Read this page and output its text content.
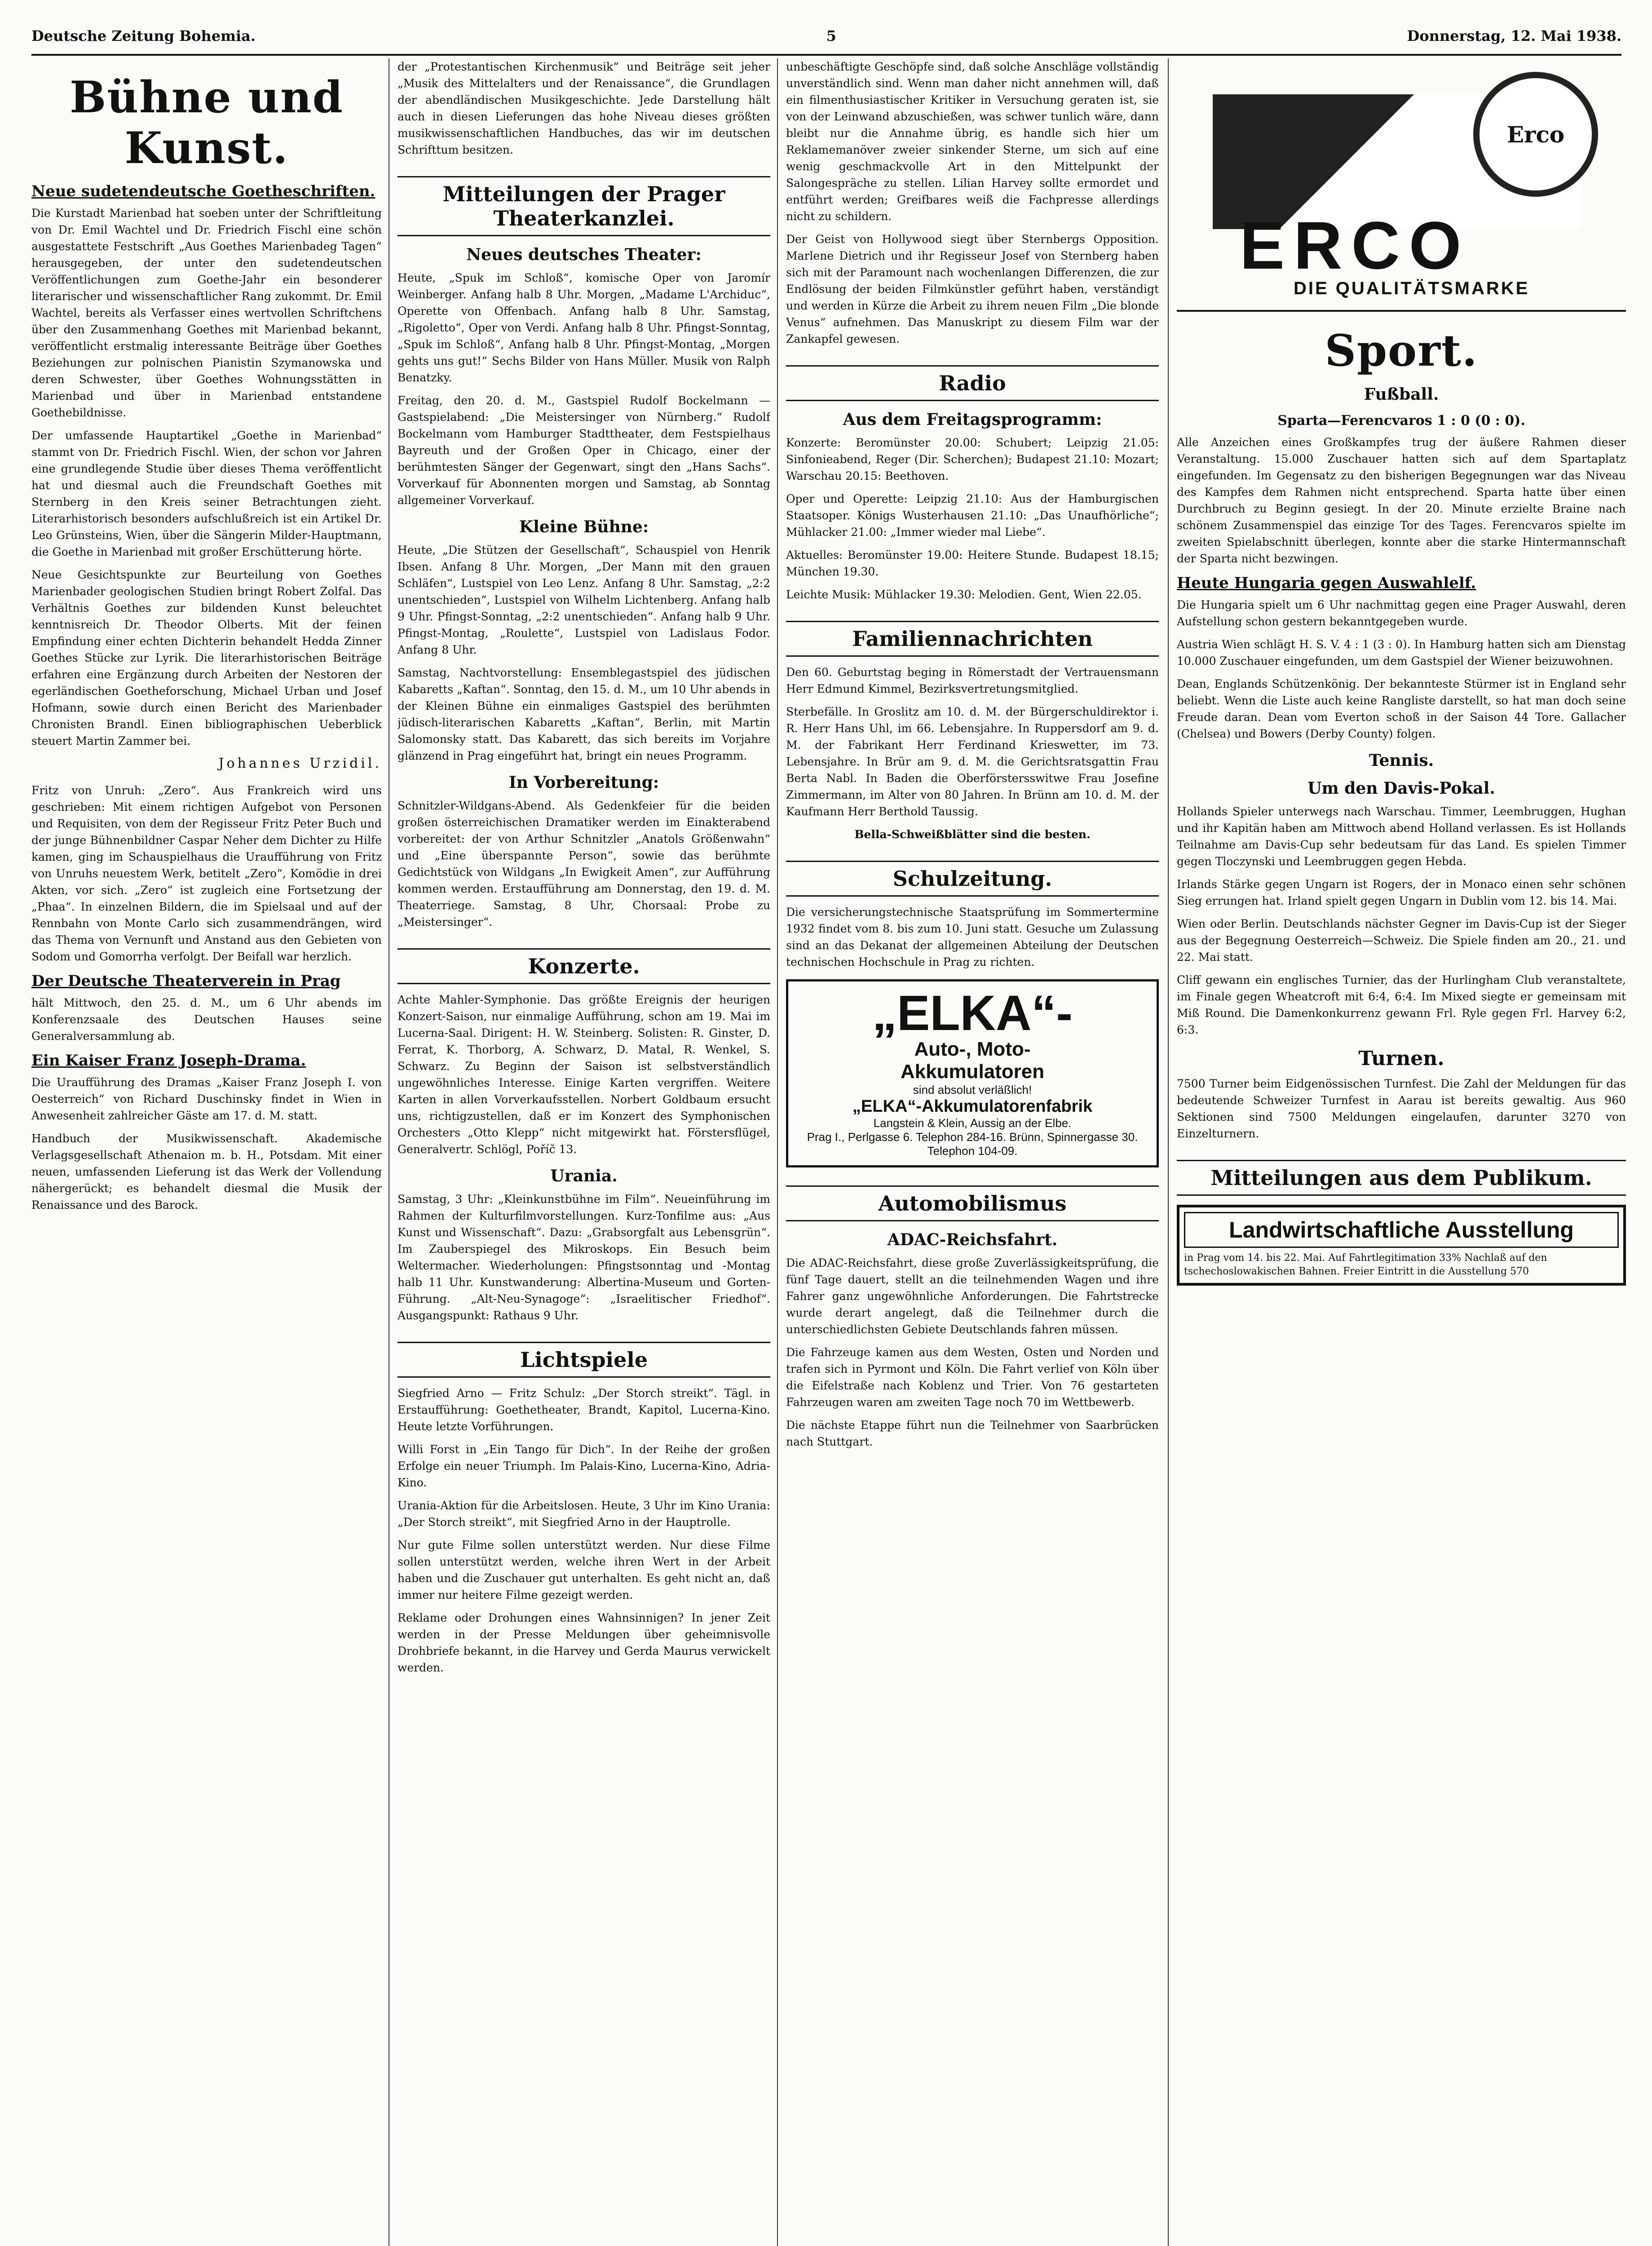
Deutsche Zeitung Bohemia.	5	Donnerstag, 12. Mai 1938.
Bühne und Kunst.
Neue sudetendeutsche Goetheschriften.

Die Kurstadt Marienbad hat soeben unter der Schriftleitung von Dr. Emil Wachtel und Dr. Friedrich Fischl eine schön ausgestattete Festschrift „Aus Goethes Marienbadeg Tagen“ herausgegeben, der unter den sudetendeutschen Veröffentlichungen zum Goethe-Jahr ein besonderer literarischer und wissenschaftlicher Rang zukommt. Dr. Emil Wachtel, bereits als Verfasser eines wertvollen Schriftchens über den Zusammenhang Goethes mit Marienbad bekannt, veröffentlicht erstmalig interessante Beiträge über Goethes Beziehungen zur polnischen Pianistin Szymanowska und deren Schwester, über Goethes Wohnungsstätten in Marienbad und über in Marienbad entstandene Goethebildnisse.

Der umfassende Hauptartikel „Goethe in Marienbad“ stammt von Dr. Friedrich Fischl. Wien, der schon vor Jahren eine grundlegende Studie über dieses Thema veröffentlicht hat und diesmal auch die Freundschaft Goethes mit Sternberg in den Kreis seiner Betrachtungen zieht. Literarhistorisch besonders aufschlußreich ist ein Artikel Dr. Leo Grünsteins, Wien, über die Sängerin Milder-Hauptmann, die Goethe in Marienbad mit großer Erschütterung hörte.

Neue Gesichtspunkte zur Beurteilung von Goethes Marienbader geologischen Studien bringt Robert Zolfal. Das Verhältnis Goethes zur bildenden Kunst beleuchtet kenntnisreich Dr. Theodor Olberts. Mit der feinen Empfindung einer echten Dichterin behandelt Hedda Zinner Goethes Stücke zur Lyrik. Die literarhistorischen Beiträge erfahren eine Ergänzung durch Arbeiten der Nestoren der egerländischen Goetheforschung, Michael Urban und Josef Hofmann, sowie durch einen Bericht des Marienbader Chronisten Brandl. Einen bibliographischen Ueberblick steuert Martin Zammer bei.

Johannes Urzidil.

Fritz von Unruh: „Zero“. Aus Frankreich wird uns geschrieben: Mit einem richtigen Aufgebot von Personen und Requisiten, von dem der Regisseur Fritz Peter Buch und der junge Bühnenbildner Caspar Neher dem Dichter zu Hilfe kamen, ging im Schauspielhaus die Uraufführung von Fritz von Unruhs neuestem Werk, betitelt „Zero“, Komödie in drei Akten, vor sich. „Zero“ ist zugleich eine Fortsetzung der „Phaa“. In einzelnen Bildern, die im Spielsaal und auf der Rennbahn von Monte Carlo sich zusammendrängen, wird das Thema von Vernunft und Anstand aus den Gebieten von Sodom und Gomorrha verfolgt. Der Beifall war herzlich.

Der Deutsche Theaterverein in Prag

hält Mittwoch, den 25. d. M., um 6 Uhr abends im Konferenzsaale des Deutschen Hauses seine Generalversammlung ab.

Ein Kaiser Franz Joseph-Drama.

Die Uraufführung des Dramas „Kaiser Franz Joseph I. von Oesterreich“ von Richard Duschinsky findet in Wien in Anwesenheit zahlreicher Gäste am 17. d. M. statt.

Handbuch der Musikwissenschaft. Akademische Verlagsgesellschaft Athenaion m. b. H., Potsdam. Mit einer neuen, umfassenden Lieferung ist das Werk der Vollendung nähergerückt; es behandelt diesmal die Musik der Renaissance und des Barock.

der „Protestantischen Kirchenmusik“ und Beiträge seit jeher „Musik des Mittelalters und der Renaissance“, die Grundlagen der abendländischen Musikgeschichte. Jede Darstellung hält auch in diesen Lieferungen das hohe Niveau dieses größten musikwissenschaftlichen Handbuches, das wir im deutschen Schrifttum besitzen.

Mitteilungen der Prager Theaterkanzlei.
Neues deutsches Theater:

Heute, „Spuk im Schloß“, komische Oper von Jaromír Weinberger. Anfang halb 8 Uhr. Morgen, „Madame L'Archiduc“, Operette von Offenbach. Anfang halb 8 Uhr. Samstag, „Rigoletto“, Oper von Verdi. Anfang halb 8 Uhr. Pfingst-Sonntag, „Spuk im Schloß“, Anfang halb 8 Uhr. Pfingst-Montag, „Morgen gehts uns gut!“ Sechs Bilder von Hans Müller. Musik von Ralph Benatzky.

Freitag, den 20. d. M., Gastspiel Rudolf Bockelmann — Gastspielabend: „Die Meistersinger von Nürnberg.“ Rudolf Bockelmann vom Hamburger Stadttheater, dem Festspielhaus Bayreuth und der Großen Oper in Chicago, einer der berühmtesten Sänger der Gegenwart, singt den „Hans Sachs“. Vorverkauf für Abonnenten morgen und Samstag, ab Sonntag allgemeiner Vorverkauf.

Kleine Bühne:

Heute, „Die Stützen der Gesellschaft“, Schauspiel von Henrik Ibsen. Anfang 8 Uhr. Morgen, „Der Mann mit den grauen Schläfen“, Lustspiel von Leo Lenz. Anfang 8 Uhr. Samstag, „2:2 unentschieden“, Lustspiel von Wilhelm Lichtenberg. Anfang halb 9 Uhr. Pfingst-Sonntag, „2:2 unentschieden“. Anfang halb 9 Uhr. Pfingst-Montag, „Roulette“, Lustspiel von Ladislaus Fodor. Anfang 8 Uhr.

Samstag, Nachtvorstellung: Ensemblegastspiel des jüdischen Kabaretts „Kaftan“. Sonntag, den 15. d. M., um 10 Uhr abends in der Kleinen Bühne ein einmaliges Gastspiel des berühmten jüdisch-literarischen Kabaretts „Kaftan“, Berlin, mit Martin Salomonsky statt. Das Kabarett, das sich bereits im Vorjahre glänzend in Prag eingeführt hat, bringt ein neues Programm.

In Vorbereitung:

Schnitzler-Wildgans-Abend. Als Gedenkfeier für die beiden großen österreichischen Dramatiker werden im Einakterabend vorbereitet: der von Arthur Schnitzler „Anatols Größenwahn“ und „Eine überspannte Person“, sowie das berühmte Gedichtstück von Wildgans „In Ewigkeit Amen“, zur Aufführung kommen werden. Erstaufführung am Donnerstag, den 19. d. M. Theaterriege. Samstag, 8 Uhr, Chorsaal: Probe zu „Meistersinger“.

Konzerte.

Achte Mahler-Symphonie. Das größte Ereignis der heurigen Konzert-Saison, nur einmalige Aufführung, schon am 19. Mai im Lucerna-Saal. Dirigent: H. W. Steinberg. Solisten: R. Ginster, D. Ferrat, K. Thorborg, A. Schwarz, D. Matal, R. Wenkel, S. Schwarz. Zu Beginn der Saison ist selbstverständlich ungewöhnliches Interesse. Einige Karten vergriffen. Weitere Karten in allen Vorverkaufsstellen. Norbert Goldbaum ersucht uns, richtigzustellen, daß er im Konzert des Symphonischen Orchesters „Otto Klepp“ nicht mitgewirkt hat. Förstersflügel, Generalvertr. Schlögl, Poříč 13.

Urania.

Samstag, 3 Uhr: „Kleinkunstbühne im Film“. Neueinführung im Rahmen der Kulturfilmvorstellungen. Kurz-Tonfilme aus: „Aus Kunst und Wissenschaft“. Dazu: „Grabsorgfalt aus Lebensgrün“. Im Zauberspiegel des Mikroskops. Ein Besuch beim Weltermacher. Wiederholungen: Pfingstsonntag und -Montag halb 11 Uhr. Kunstwanderung: Albertina-Museum und Gorten-Führung. „Alt-Neu-Synagoge“: „Israelitischer Friedhof“. Ausgangspunkt: Rathaus 9 Uhr.

Lichtspiele

Siegfried Arno — Fritz Schulz: „Der Storch streikt“. Tägl. in Erstaufführung: Goethetheater, Brandt, Kapitol, Lucerna-Kino. Heute letzte Vorführungen.

Willi Forst in „Ein Tango für Dich“. In der Reihe der großen Erfolge ein neuer Triumph. Im Palais-Kino, Lucerna-Kino, Adria-Kino.

Urania-Aktion für die Arbeitslosen. Heute, 3 Uhr im Kino Urania: „Der Storch streikt“, mit Siegfried Arno in der Hauptrolle.

Nur gute Filme sollen unterstützt werden. Nur diese Filme sollen unterstützt werden, welche ihren Wert in der Arbeit haben und die Zuschauer gut unterhalten. Es geht nicht an, daß immer nur heitere Filme gezeigt werden.

Reklame oder Drohungen eines Wahnsinnigen? In jener Zeit werden in der Presse Meldungen über geheimnisvolle Drohbriefe bekannt, in die Harvey und Gerda Maurus verwickelt werden.

unbeschäftigte Geschöpfe sind, daß solche Anschläge vollständig unverständlich sind. Wenn man daher nicht annehmen will, daß ein filmenthusiastischer Kritiker in Versuchung geraten ist, sie von der Leinwand abzuschießen, was schwer tunlich wäre, dann bleibt nur die Annahme übrig, es handle sich hier um Reklamemanöver zweier sinkender Sterne, um sich auf eine wenig geschmackvolle Art in den Mittelpunkt der Salongespräche zu stellen. Lilian Harvey sollte ermordet und entführt werden; Greifbares weiß die Fachpresse allerdings nicht zu schildern.

Der Geist von Hollywood siegt über Sternbergs Opposition. Marlene Dietrich und ihr Regisseur Josef von Sternberg haben sich mit der Paramount nach wochenlangen Differenzen, die zur Endlösung der beiden Filmkünstler geführt haben, verständigt und werden in Kürze die Arbeit zu ihrem neuen Film „Die blonde Venus“ aufnehmen. Das Manuskript zu diesem Film war der Zankapfel gewesen.

Radio
Aus dem Freitagsprogramm:

Konzerte: Beromünster 20.00: Schubert; Leipzig 21.05: Sinfonieabend, Reger (Dir. Scherchen); Budapest 21.10: Mozart; Warschau 20.15: Beethoven.

Oper und Operette: Leipzig 21.10: Aus der Hamburgischen Staatsoper. Königs Wusterhausen 21.10: „Das Unaufhörliche“; Mühlacker 21.00: „Immer wieder mal Liebe“.

Aktuelles: Beromünster 19.00: Heitere Stunde. Budapest 18.15; München 19.30.

Leichte Musik: Mühlacker 19.30: Melodien. Gent, Wien 22.05.

Familiennachrichten

Den 60. Geburtstag beging in Römerstadt der Vertrauensmann Herr Edmund Kimmel, Bezirksvertretungsmitglied.

Sterbefälle. In Groslitz am 10. d. M. der Bürgerschuldirektor i. R. Herr Hans Uhl, im 66. Lebensjahre. In Ruppersdorf am 9. d. M. der Fabrikant Herr Ferdinand Krieswetter, im 73. Lebensjahre. In Brür am 9. d. M. die Gerichtsratsgattin Frau Berta Nabl. In Baden die Oberförstersswitwe Frau Josefine Zimmermann, im Alter von 80 Jahren. In Brünn am 10. d. M. der Kaufmann Herr Berthold Taussig.

Bella-Schweißblätter sind die besten.

Schulzeitung.

Die versicherungstechnische Staatsprüfung im Sommertermine 1932 findet vom 8. bis zum 10. Juni statt. Gesuche um Zulassung sind an das Dekanat der allgemeinen Abteilung der Deutschen technischen Hochschule in Prag zu richten.

„ELKA“-
Auto-, Moto-
Akkumulatoren
sind absolut verläßlich!
„ELKA“-Akkumulatorenfabrik
Langstein & Klein, Aussig an der Elbe.
Prag I., Perlgasse 6. Telephon 284-16. Brünn, Spinnergasse 30. Telephon 104-09.
Automobilismus
ADAC-Reichsfahrt.

Die ADAC-Reichsfahrt, diese große Zuverlässigkeitsprüfung, die fünf Tage dauert, stellt an die teilnehmenden Wagen und ihre Fahrer ganz ungewöhnliche Anforderungen. Die Fahrtstrecke wurde derart angelegt, daß die Teilnehmer durch die unterschiedlichsten Gebiete Deutschlands fahren müssen.

Die Fahrzeuge kamen aus dem Westen, Osten und Norden und trafen sich in Pyrmont und Köln. Die Fahrt verlief von Köln über die Eifelstraße nach Koblenz und Trier. Von 76 gestarteten Fahrzeugen waren am zweiten Tage noch 70 im Wettbewerb.

Die nächste Etappe führt nun die Teilnehmer von Saarbrücken nach Stuttgart.

Erco
ERCO
DIE QUALITÄTSMARKE
Sport.
Fußball.
Sparta—Ferencvaros 1 : 0 (0 : 0).

Alle Anzeichen eines Großkampfes trug der äußere Rahmen dieser Veranstaltung. 15.000 Zuschauer hatten sich auf dem Spartaplatz eingefunden. Im Gegensatz zu den bisherigen Begegnungen war das Niveau des Kampfes dem Rahmen nicht entsprechend. Sparta hatte über einen Durchbruch zu Beginn gesiegt. In der 20. Minute erzielte Braine nach schönem Zusammenspiel das einzige Tor des Tages. Ferencvaros spielte im zweiten Spielabschnitt überlegen, konnte aber die starke Hintermannschaft der Sparta nicht bezwingen.

Heute Hungaria gegen Auswahlelf.

Die Hungaria spielt um 6 Uhr nachmittag gegen eine Prager Auswahl, deren Aufstellung schon gestern bekanntgegeben wurde.

Austria Wien schlägt H. S. V. 4 : 1 (3 : 0). In Hamburg hatten sich am Dienstag 10.000 Zuschauer eingefunden, um dem Gastspiel der Wiener beizuwohnen.

Dean, Englands Schützenkönig. Der bekannteste Stürmer ist in England sehr beliebt. Wenn die Liste auch keine Rangliste darstellt, so hat man doch seine Freude daran. Dean vom Everton schoß in der Saison 44 Tore. Gallacher (Chelsea) und Bowers (Derby County) folgen.

Tennis.
Um den Davis-Pokal.

Hollands Spieler unterwegs nach Warschau. Timmer, Leembruggen, Hughan und ihr Kapitän haben am Mittwoch abend Holland verlassen. Es ist Hollands Teilnahme am Davis-Cup sehr bedeutsam für das Land. Es spielen Timmer gegen Tloczynski und Leembruggen gegen Hebda.

Irlands Stärke gegen Ungarn ist Rogers, der in Monaco einen sehr schönen Sieg errungen hat. Irland spielt gegen Ungarn in Dublin vom 12. bis 14. Mai.

Wien oder Berlin. Deutschlands nächster Gegner im Davis-Cup ist der Sieger aus der Begegnung Oesterreich—Schweiz. Die Spiele finden am 20., 21. und 22. Mai statt.

Cliff gewann ein englisches Turnier, das der Hurlingham Club veranstaltete, im Finale gegen Wheatcroft mit 6:4, 6:4. Im Mixed siegte er gemeinsam mit Miß Round. Die Damenkonkurrenz gewann Frl. Ryle gegen Frl. Harvey 6:2, 6:3.

Turnen.

7500 Turner beim Eidgenössischen Turnfest. Die Zahl der Meldungen für das bedeutende Schweizer Turnfest in Aarau ist bereits gewaltig. Aus 960 Sektionen sind 7500 Meldungen eingelaufen, darunter 3270 von Einzelturnern.

Mitteilungen aus dem Publikum.
Landwirtschaftliche Ausstellung
in Prag vom 14. bis 22. Mai. Auf Fahrtlegitimation 33% Nachlaß auf den tschechoslowakischen Bahnen. Freier Eintritt in die Ausstellung 570
